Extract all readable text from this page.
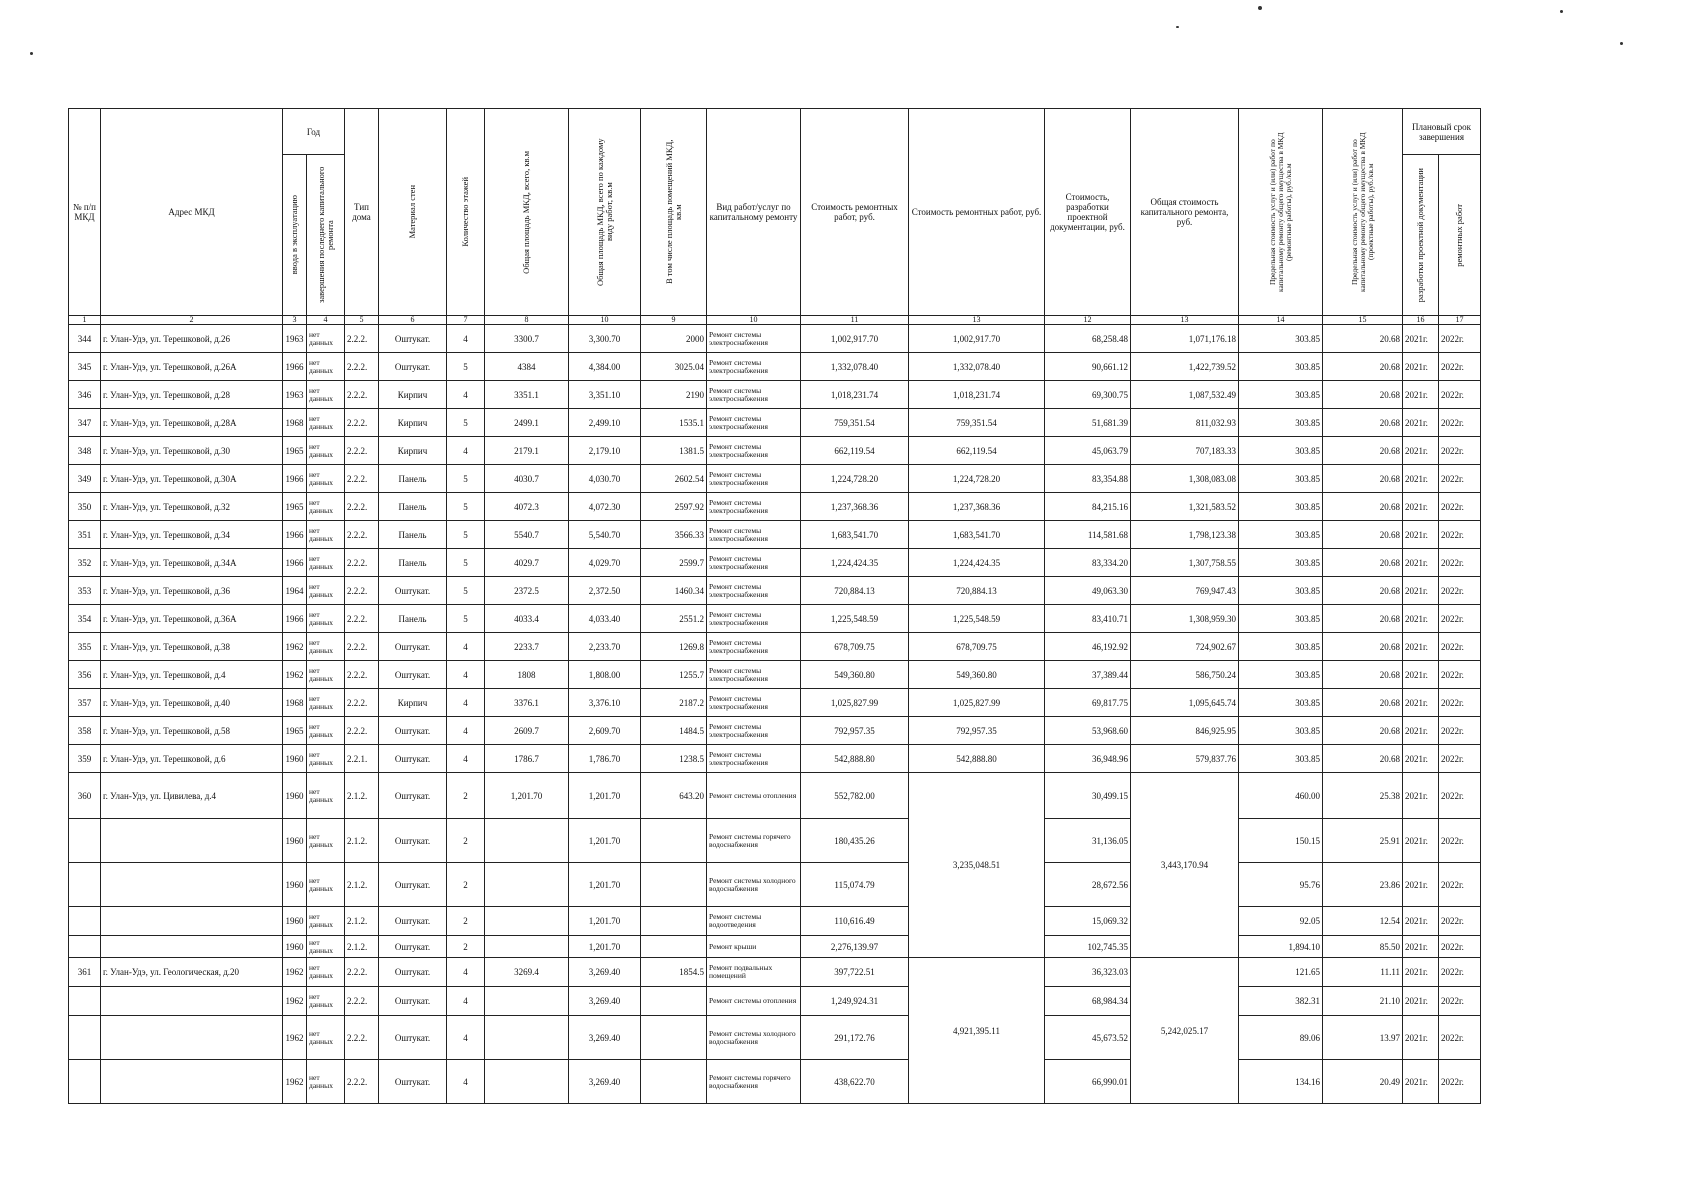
№ п/п МКД	Адрес МКД	Год		Тип дома	Материал стен	Количество этажей	Общая площадь МКД, всего, кв.м	Общая площадь МКД, всего по каждому виду работ, кв.м	В том числе площадь помещений МКД, кв.м	Вид работ/услуг по капитальному ремонту	Стоимость ремонтных работ, руб.	Стоимость ремонтных работ, руб.	Стоимость, разработки проектной документации, руб.	Общая стоимость капитального ремонта, руб.	Предельная стоимость услуг и (или) работ по капитальному ремонту общего имущества в МКД (ремонтные работы), руб./кв.м	Предельная стоимость услуг и (или) работ по капитальному ремонту общего имущества в МКД (проектные работы), руб./кв.м	Плановый срок завершения	

		ввода в эксплуатацию	завершения последнего капитального ремонта														разработки проектной документации	ремонтных работ

1	2	3	4	5	6	7	8	10	9	10	11	13	12	13	14	15	16	17
344	г. Улан-Удэ, ул. Терешковой, д.26	1963	нет данных	2.2.2.	Оштукат.	4	3300.7	3,300.70	2000	Ремонт системы электроснабжения	1,002,917.70	1,002,917.70	68,258.48	1,071,176.18	303.85	20.68	2021г.	2022г.
345	г. Улан-Удэ, ул. Терешковой, д.26А	1966	нет данных	2.2.2.	Оштукат.	5	4384	4,384.00	3025.04	Ремонт системы электроснабжения	1,332,078.40	1,332,078.40	90,661.12	1,422,739.52	303.85	20.68	2021г.	2022г.
346	г. Улан-Удэ, ул. Терешковой, д.28	1963	нет данных	2.2.2.	Кирпич	4	3351.1	3,351.10	2190	Ремонт системы электроснабжения	1,018,231.74	1,018,231.74	69,300.75	1,087,532.49	303.85	20.68	2021г.	2022г.
347	г. Улан-Удэ, ул. Терешковой, д.28А	1968	нет данных	2.2.2.	Кирпич	5	2499.1	2,499.10	1535.1	Ремонт системы электроснабжения	759,351.54	759,351.54	51,681.39	811,032.93	303.85	20.68	2021г.	2022г.
348	г. Улан-Удэ, ул. Терешковой, д.30	1965	нет данных	2.2.2.	Кирпич	4	2179.1	2,179.10	1381.5	Ремонт системы электроснабжения	662,119.54	662,119.54	45,063.79	707,183.33	303.85	20.68	2021г.	2022г.
349	г. Улан-Удэ, ул. Терешковой, д.30А	1966	нет данных	2.2.2.	Панель	5	4030.7	4,030.70	2602.54	Ремонт системы электроснабжения	1,224,728.20	1,224,728.20	83,354.88	1,308,083.08	303.85	20.68	2021г.	2022г.
350	г. Улан-Удэ, ул. Терешковой, д.32	1965	нет данных	2.2.2.	Панель	5	4072.3	4,072.30	2597.92	Ремонт системы электроснабжения	1,237,368.36	1,237,368.36	84,215.16	1,321,583.52	303.85	20.68	2021г.	2022г.
351	г. Улан-Удэ, ул. Терешковой, д.34	1966	нет данных	2.2.2.	Панель	5	5540.7	5,540.70	3566.33	Ремонт системы электроснабжения	1,683,541.70	1,683,541.70	114,581.68	1,798,123.38	303.85	20.68	2021г.	2022г.
352	г. Улан-Удэ, ул. Терешковой, д.34А	1966	нет данных	2.2.2.	Панель	5	4029.7	4,029.70	2599.7	Ремонт системы электроснабжения	1,224,424.35	1,224,424.35	83,334.20	1,307,758.55	303.85	20.68	2021г.	2022г.
353	г. Улан-Удэ, ул. Терешковой, д.36	1964	нет данных	2.2.2.	Оштукат.	5	2372.5	2,372.50	1460.34	Ремонт системы электроснабжения	720,884.13	720,884.13	49,063.30	769,947.43	303.85	20.68	2021г.	2022г.
354	г. Улан-Удэ, ул. Терешковой, д.36А	1966	нет данных	2.2.2.	Панель	5	4033.4	4,033.40	2551.2	Ремонт системы электроснабжения	1,225,548.59	1,225,548.59	83,410.71	1,308,959.30	303.85	20.68	2021г.	2022г.
355	г. Улан-Удэ, ул. Терешковой, д.38	1962	нет данных	2.2.2.	Оштукат.	4	2233.7	2,233.70	1269.8	Ремонт системы электроснабжения	678,709.75	678,709.75	46,192.92	724,902.67	303.85	20.68	2021г.	2022г.
356	г. Улан-Удэ, ул. Терешковой, д.4	1962	нет данных	2.2.2.	Оштукат.	4	1808	1,808.00	1255.7	Ремонт системы электроснабжения	549,360.80	549,360.80	37,389.44	586,750.24	303.85	20.68	2021г.	2022г.
357	г. Улан-Удэ, ул. Терешковой, д.40	1968	нет данных	2.2.2.	Кирпич	4	3376.1	3,376.10	2187.2	Ремонт системы электроснабжения	1,025,827.99	1,025,827.99	69,817.75	1,095,645.74	303.85	20.68	2021г.	2022г.
358	г. Улан-Удэ, ул. Терешковой, д.58	1965	нет данных	2.2.2.	Оштукат.	4	2609.7	2,609.70	1484.5	Ремонт системы электроснабжения	792,957.35	792,957.35	53,968.60	846,925.95	303.85	20.68	2021г.	2022г.
359	г. Улан-Удэ, ул. Терешковой, д.6	1960	нет данных	2.2.1.	Оштукат.	4	1786.7	1,786.70	1238.5	Ремонт системы электроснабжения	542,888.80	542,888.80	36,948.96	579,837.76	303.85	20.68	2021г.	2022г.
360	г. Улан-Удэ, ул. Цивилева, д.4	1960	нет данных	2.1.2.	Оштукат.	2	1,201.70	1,201.70	643.20	Ремонт системы отопления	552,782.00	3,235,048.51	30,499.15	3,443,170.94	460.00	25.38	2021г.	2022г.
		1960	нет данных	2.1.2.	Оштукат.	2		1,201.70		Ремонт системы горячего водоснабжения	180,435.26		31,136.05		150.15	25.91	2021г.	2022г.
		1960	нет данных	2.1.2.	Оштукат.	2		1,201.70		Ремонт системы холодного водоснабжения	115,074.79		28,672.56		95.76	23.86	2021г.	2022г.
		1960	нет данных	2.1.2.	Оштукат.	2		1,201.70		Ремонт системы водоотведения	110,616.49		15,069.32		92.05	12.54	2021г.	2022г.
		1960	нет данных	2.1.2.	Оштукат.	2		1,201.70		Ремонт крыши	2,276,139.97		102,745.35		1,894.10	85.50	2021г.	2022г.
361	г. Улан-Удэ, ул. Геологическая, д.20	1962	нет данных	2.2.2.	Оштукат.	4	3269.4	3,269.40	1854.5	Ремонт подвальных помещений	397,722.51	4,921,395.11	36,323.03	5,242,025.17	121.65	11.11	2021г.	2022г.
		1962	нет данных	2.2.2.	Оштукат.	4		3,269.40		Ремонт системы отопления	1,249,924.31		68,984.34		382.31	21.10	2021г.	2022г.
		1962	нет данных	2.2.2.	Оштукат.	4		3,269.40		Ремонт системы холодного водоснабжения	291,172.76		45,673.52		89.06	13.97	2021г.	2022г.
		1962	нет данных	2.2.2.	Оштукат.	4		3,269.40		Ремонт системы горячего водоснабжения	438,622.70		66,990.01		134.16	20.49	2021г.	2022г.
